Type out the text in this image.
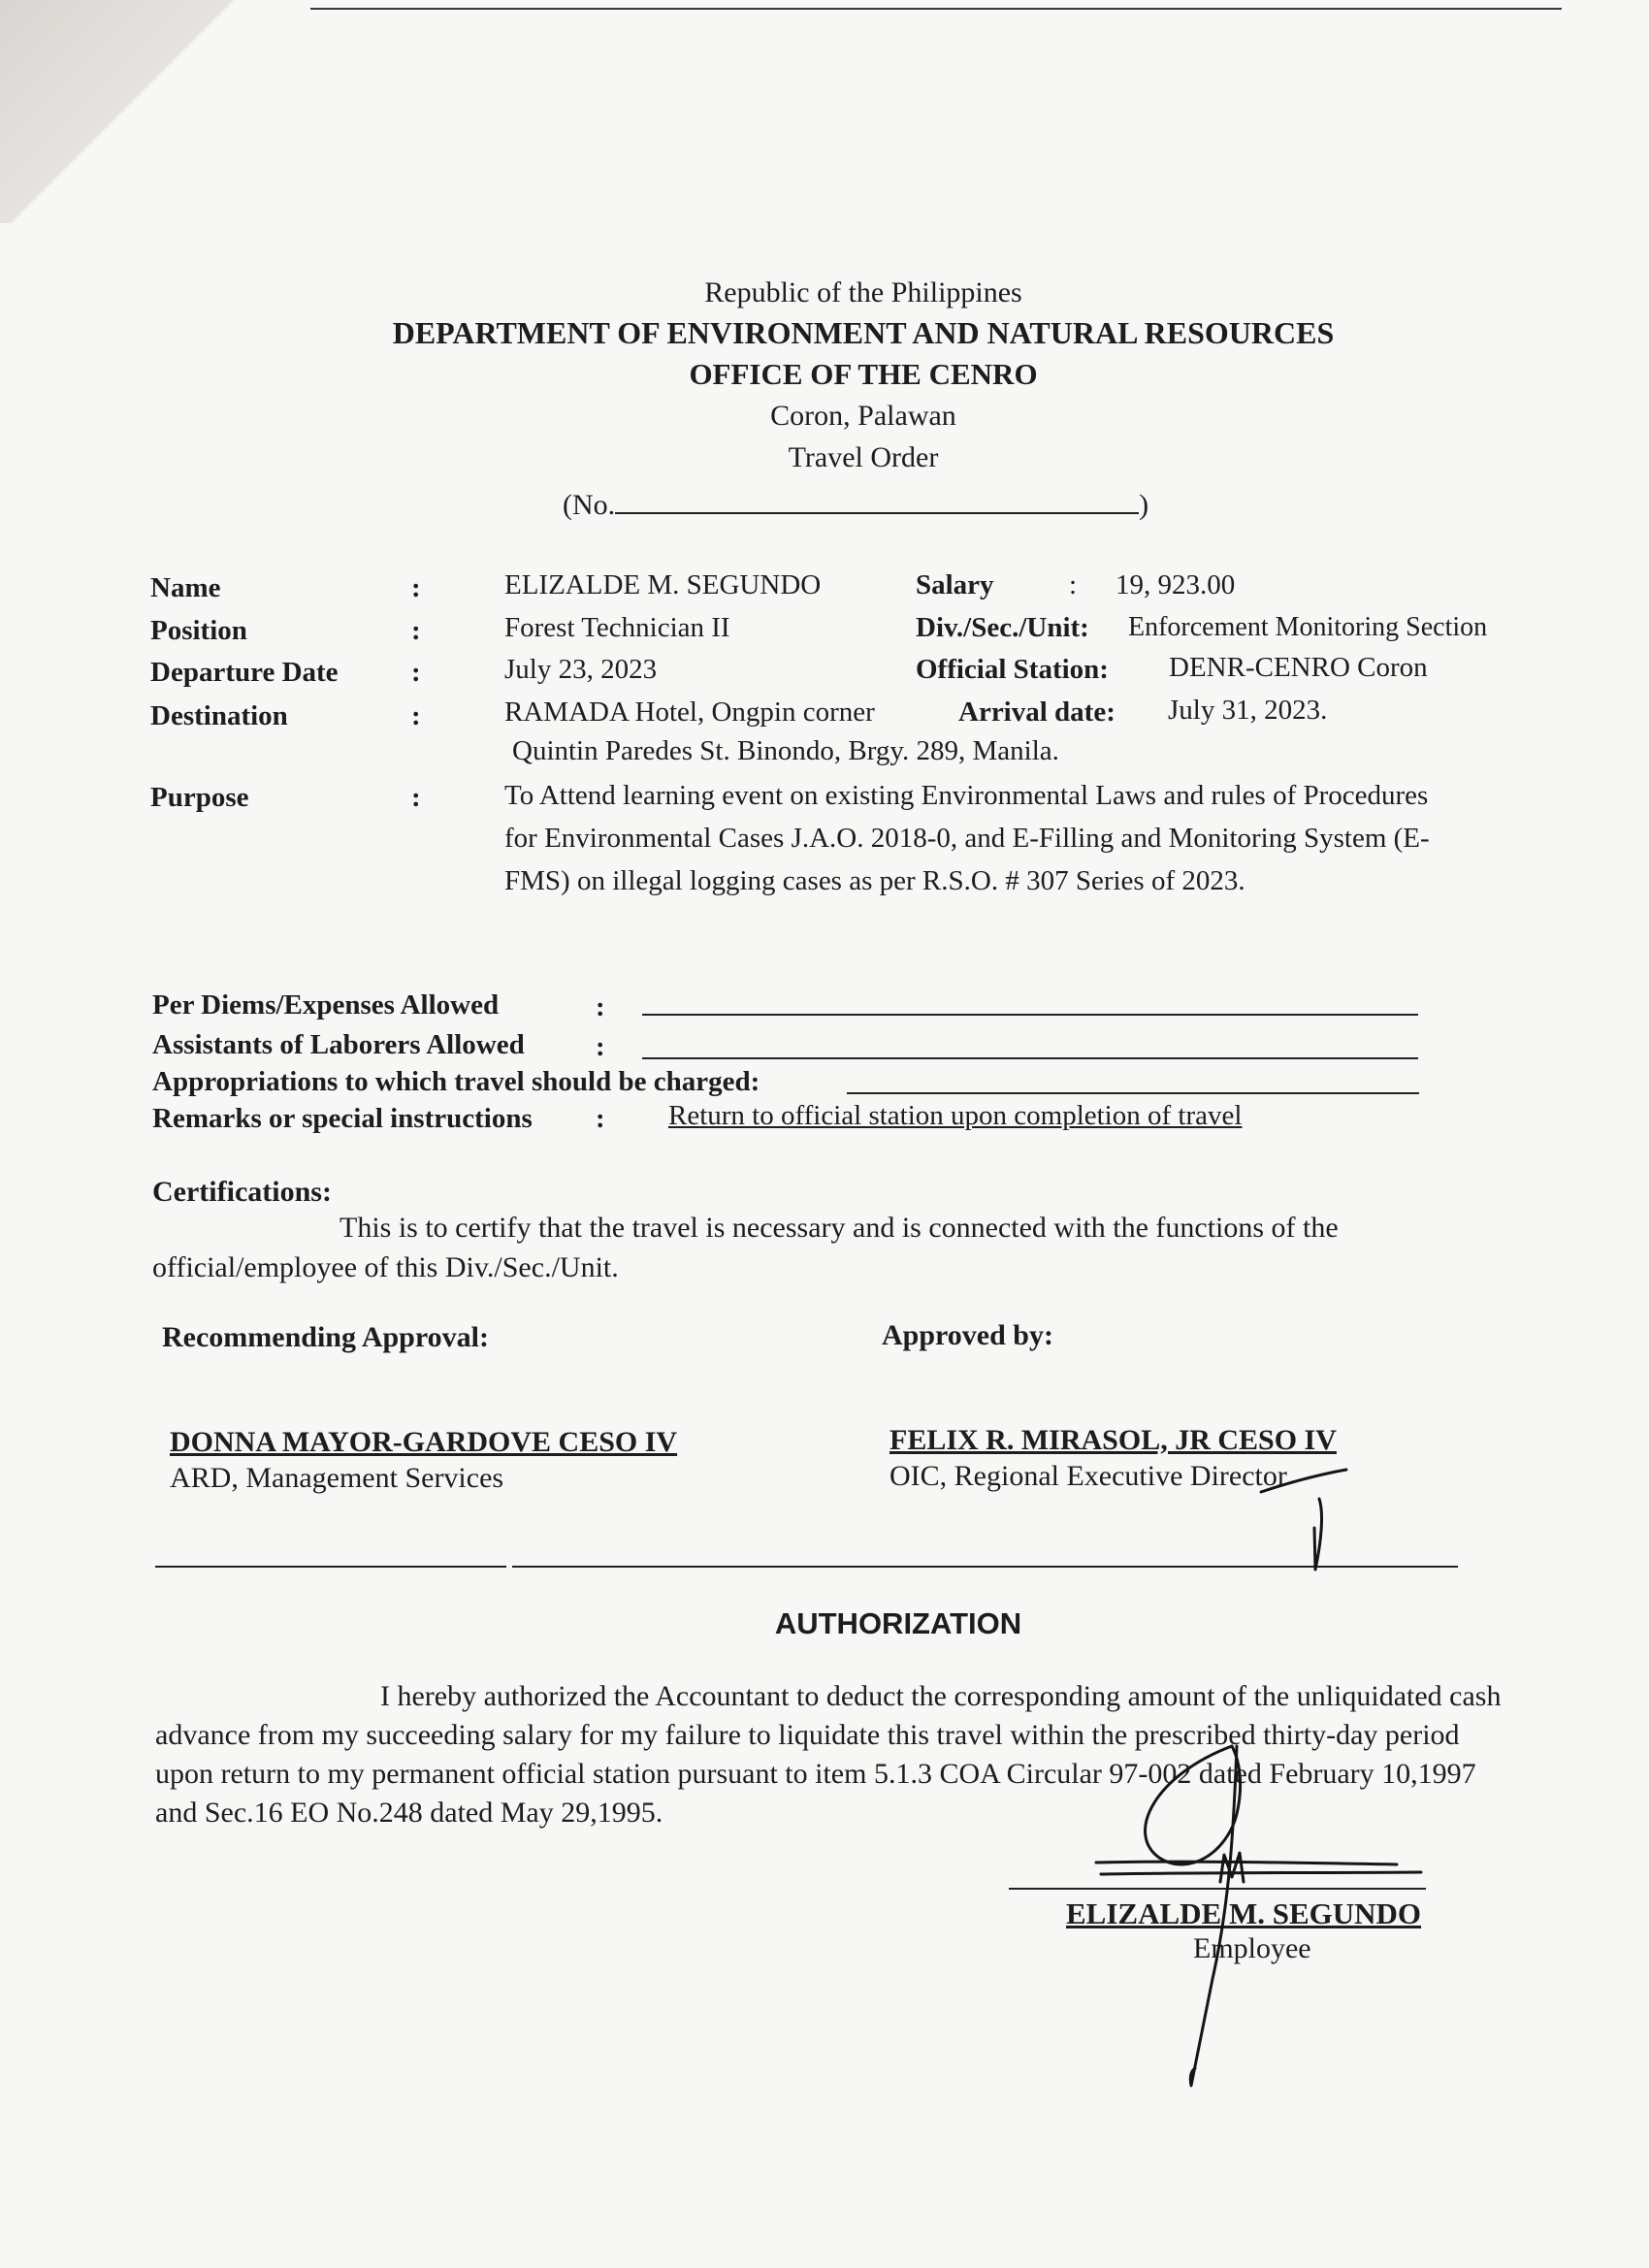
Republic of the Philippines
DEPARTMENT OF ENVIRONMENT AND NATURAL RESOURCES
OFFICE OF THE CENRO
Coron, Palawan
Travel Order
(No.	)
Name	:	ELIZALDE M. SEGUNDO	Salary	: 19, 923.00
Position	:	Forest Technician II	Div./Sec./Unit: Enforcement Monitoring Section
Departure Date	:	July 23, 2023	Official Station: DENR-CENRO Coron
Destination	:	RAMADA Hotel, Ongpin corner	Arrival date: July 31, 2023.
Quintin Paredes St. Binondo, Brgy. 289, Manila.
Purpose	:	To Attend learning event on existing Environmental Laws and rules of Procedures for Environmental Cases J.A.O. 2018-0, and E-Filling and Monitoring System (E-FMS) on illegal logging cases as per R.S.O. # 307 Series of 2023.
Per Diems/Expenses Allowed	:
Assistants of Laborers Allowed	:
Appropriations to which travel should be charged:
Remarks or special instructions : Return to official station upon completion of travel
Certifications:
This is to certify that the travel is necessary and is connected with the functions of the official/employee of this Div./Sec./Unit.
Recommending Approval:	Approved by:
DONNA MAYOR-GARDOVE CESO IV
ARD, Management Services
FELIX R. MIRASOL, JR CESO IV
OIC, Regional Executive Director
AUTHORIZATION
I hereby authorized the Accountant to deduct the corresponding amount of the unliquidated cash advance from my succeeding salary for my failure to liquidate this travel within the prescribed thirty-day period upon return to my permanent official station pursuant to item 5.1.3 COA Circular 97-002 dated February 10,1997 and Sec.16 EO No.248 dated May 29,1995.
ELIZALDE M. SEGUNDO
Employee
